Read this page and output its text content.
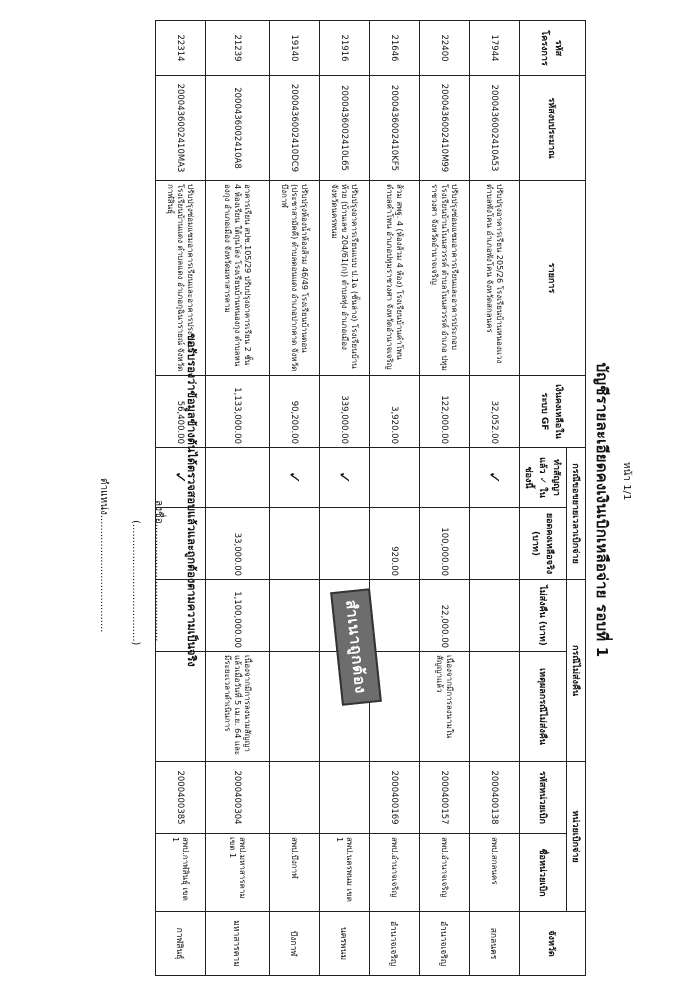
หน้า 1/1
บัญชีรายละเอียดคงเงินเบิกเหลือจ่าย รอบที่ 1
รหัสโครงการ	รหัสงบประมาณ	รายการ	เงินคงเหลือในระบบ GF	กรณีขอขยายเวลาเบิกจ่าย		กรณีไม่ส่งคืน		หน่วยเบิกจ่าย		จังหวัด
				ทำสัญญาแล้ว ✓ ในช่องนี้	ยอดคงเหลือจริง (บาท)	ไม่ส่งคืน (บาท)	เหตุผลกรณีไม่ส่งคืน	รหัสหน่วยเบิก	ชื่อหน่วยเบิก	
17944	2000436002410A53	ปรับปรุงอาคารเรียน 205/26 โรงเรียนบ้านหนองแวง ตำบลพังโคน อำเภอพังโคน จังหวัดสกลนคร	32,052.00	✓				2000400138	สพป.สกลนคร	สกลนคร
22400	2000436002410M99	ปรับปรุงซ่อมแซมอาคารเรียนและอาคารประกอบ โรงเรียนบ้านโนนสวรรค์ ตำบลโนนสวรรค์ อำเภอ ปทุมราชวงศา จังหวัดอำนาจเจริญ	122,000.00		100,000.00	22,000.00	เนื่องจากมีการลงนามในสัญญาแล้ว	2000400157	สพป.อำนาจเจริญ	อำนาจเจริญ
21646	2000436002410KF5	ส้วม สพฐ. 4 (ห้องส้วม 4 ห้อง) โรงเรียนบ้านคำโพน ตำบลคำโพน อำเภอปทุมราชวงศา จังหวัดอำนาจเจริญ	3,920.00		920.00			2000400169	สพป.อำนาจเจริญ	อำนาจเจริญ
21916	2000436002410L65	ปรับปรุงอาคารเรียนแบบ ป.1ฉ (ชั้นล่าง) โรงเรียนบ้านห้วย (บ้านเลข 204/61(ก)) ตำบลทุ่ง อำเภอเมือง จังหวัดนครพนม	339,000.00	✓					สพป.นครพนม เขต 1	นครพนม
19140	2000436002410DC9	ปรับปรุงห้องน้ำห้องส้วม 46/49 โรงเรียนบ้านดอน (ประชาสามัคคี) ตำบลดอนแดง อำเภอปากคาด จังหวัดบึงกาฬ	90,200.00	✓					สพป.บึงกาฬ	บึงกาฬ
21239	2000436002410A8	อาคารเรียน สปช.105/29 ปรับปรุงอาคารเรียน 2 ชั้น 4 ห้องเรียน ใต้ถุนโล่ง โรงเรียนบ้านหนองกุง ตำบลหนองกุง อำเภอเมือง จังหวัดมหาสารคาม	1,133,000.00		33,000.00	1,100,000.00	เนื่องจากมีการลงนามสัญญาแล้วเมื่อวันที่ 5 เม.ย. 64 และมีระยะเวลาดำเนินการ	2000400304	สพป.มหาสารคาม เขต 1	มหาสารคาม
22314	2000436002410MA3	ปรับปรุงซ่อมแซมอาคารเรียนและอาคารประกอบ โรงเรียนบ้านแดง ตำบลแดง อำเภอกุฉินารายณ์ จังหวัดกาฬสินธุ์	56,400.00	✓				2000400385	สพป.กาฬสินธุ์ เขต 1	กาฬสินธุ์
สำเนาถูกต้อง
ขอรับรองว่าข้อมูลข้างต้นได้ตรวจสอบแล้วและถูกต้องตามความเป็นจริง
ลงชื่อ.....................................
(.....................................)
ตำแหน่ง.....................................
